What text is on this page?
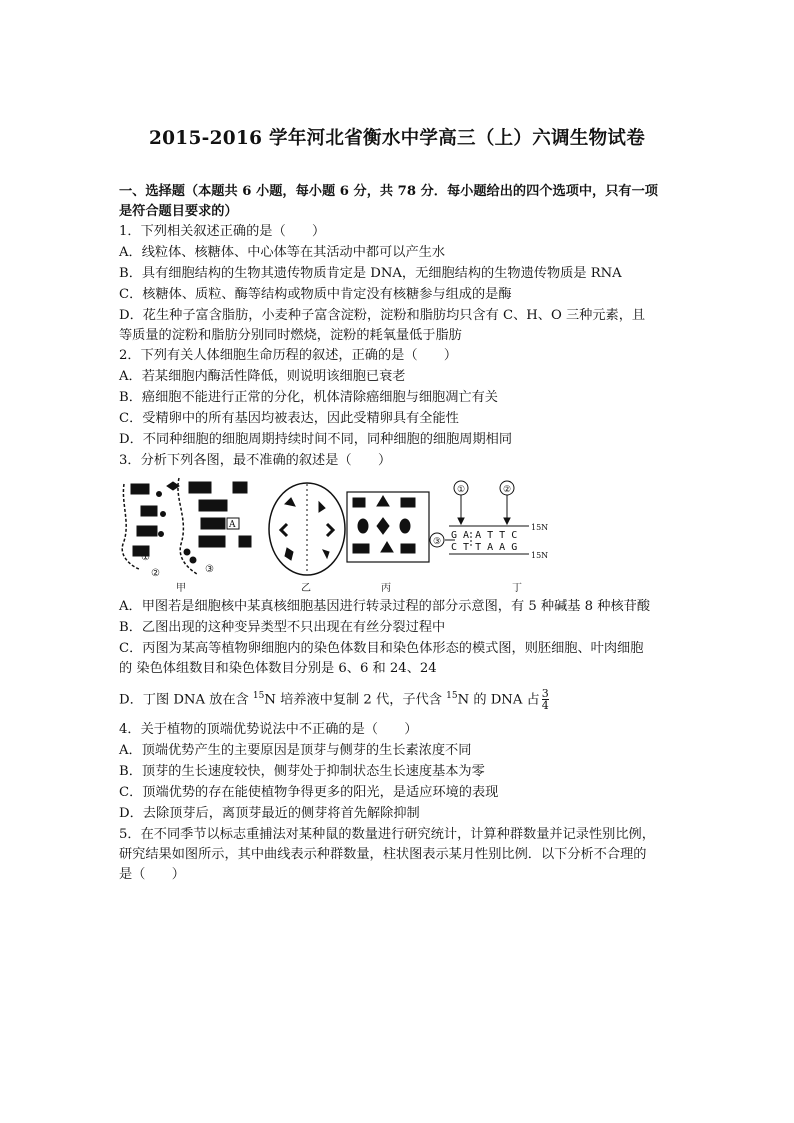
2015-2016 学年河北省衡水中学高三（上）六调生物试卷
一、选择题（本题共 6 小题，每小题 6 分，共 78 分．每小题给出的四个选项中，只有一项
是符合题目要求的）
1．下列相关叙述正确的是（　　）
A．线粒体、核糖体、中心体等在其活动中都可以产生水
B．具有细胞结构的生物其遗传物质肯定是 DNA，无细胞结构的生物遗传物质是 RNA
C．核糖体、质粒、酶等结构或物质中肯定没有核糖参与组成的是酶
D．花生种子富含脂肪，小麦种子富含淀粉，淀粉和脂肪均只含有 C、H、O 三种元素，且
等质量的淀粉和脂肪分别同时燃烧，淀粉的耗氧量低于脂肪
2．下列有关人体细胞生命历程的叙述，正确的是（　　）
A．若某细胞内酶活性降低，则说明该细胞已衰老
B．癌细胞不能进行正常的分化，机体清除癌细胞与细胞凋亡有关
C．受精卵中的所有基因均被表达，因此受精卵具有全能性
D．不同种细胞的细胞周期持续时间不同，同种细胞的细胞周期相同
3．分析下列各图，最不准确的叙述是（　　）
A
①
②	③
①	②
③
G A A T T C
C T T A A G
15N
15N
甲	乙	丙	丁
A．甲图若是细胞核中某真核细胞基因进行转录过程的部分示意图，有 5 种碱基 8 种核苷酸
B．乙图出现的这种变异类型不只出现在有丝分裂过程中
C．丙图为某高等植物卵细胞内的染色体数目和染色体形态的模式图，则胚细胞、叶肉细胞
的 染色体组数目和染色体数目分别是 6、6 和 24、24
D．丁图 DNA 放在含 $^{15}$N 培养液中复制 2 代，子代含 $^{15}$N 的 DNA 占 $\frac{3}{4}$
4．关于植物的顶端优势说法中不正确的是（　　）
A．顶端优势产生的主要原因是顶芽与侧芽的生长素浓度不同
B．顶芽的生长速度较快，侧芽处于抑制状态生长速度基本为零
C．顶端优势的存在能使植物争得更多的阳光，是适应环境的表现
D．去除顶芽后，离顶芽最近的侧芽将首先解除抑制
5．在不同季节以标志重捕法对某种鼠的数量进行研究统计，计算种群数量并记录性别比例，
研究结果如图所示，其中曲线表示种群数量，柱状图表示某月性别比例．以下分析不合理的
是（　　）
